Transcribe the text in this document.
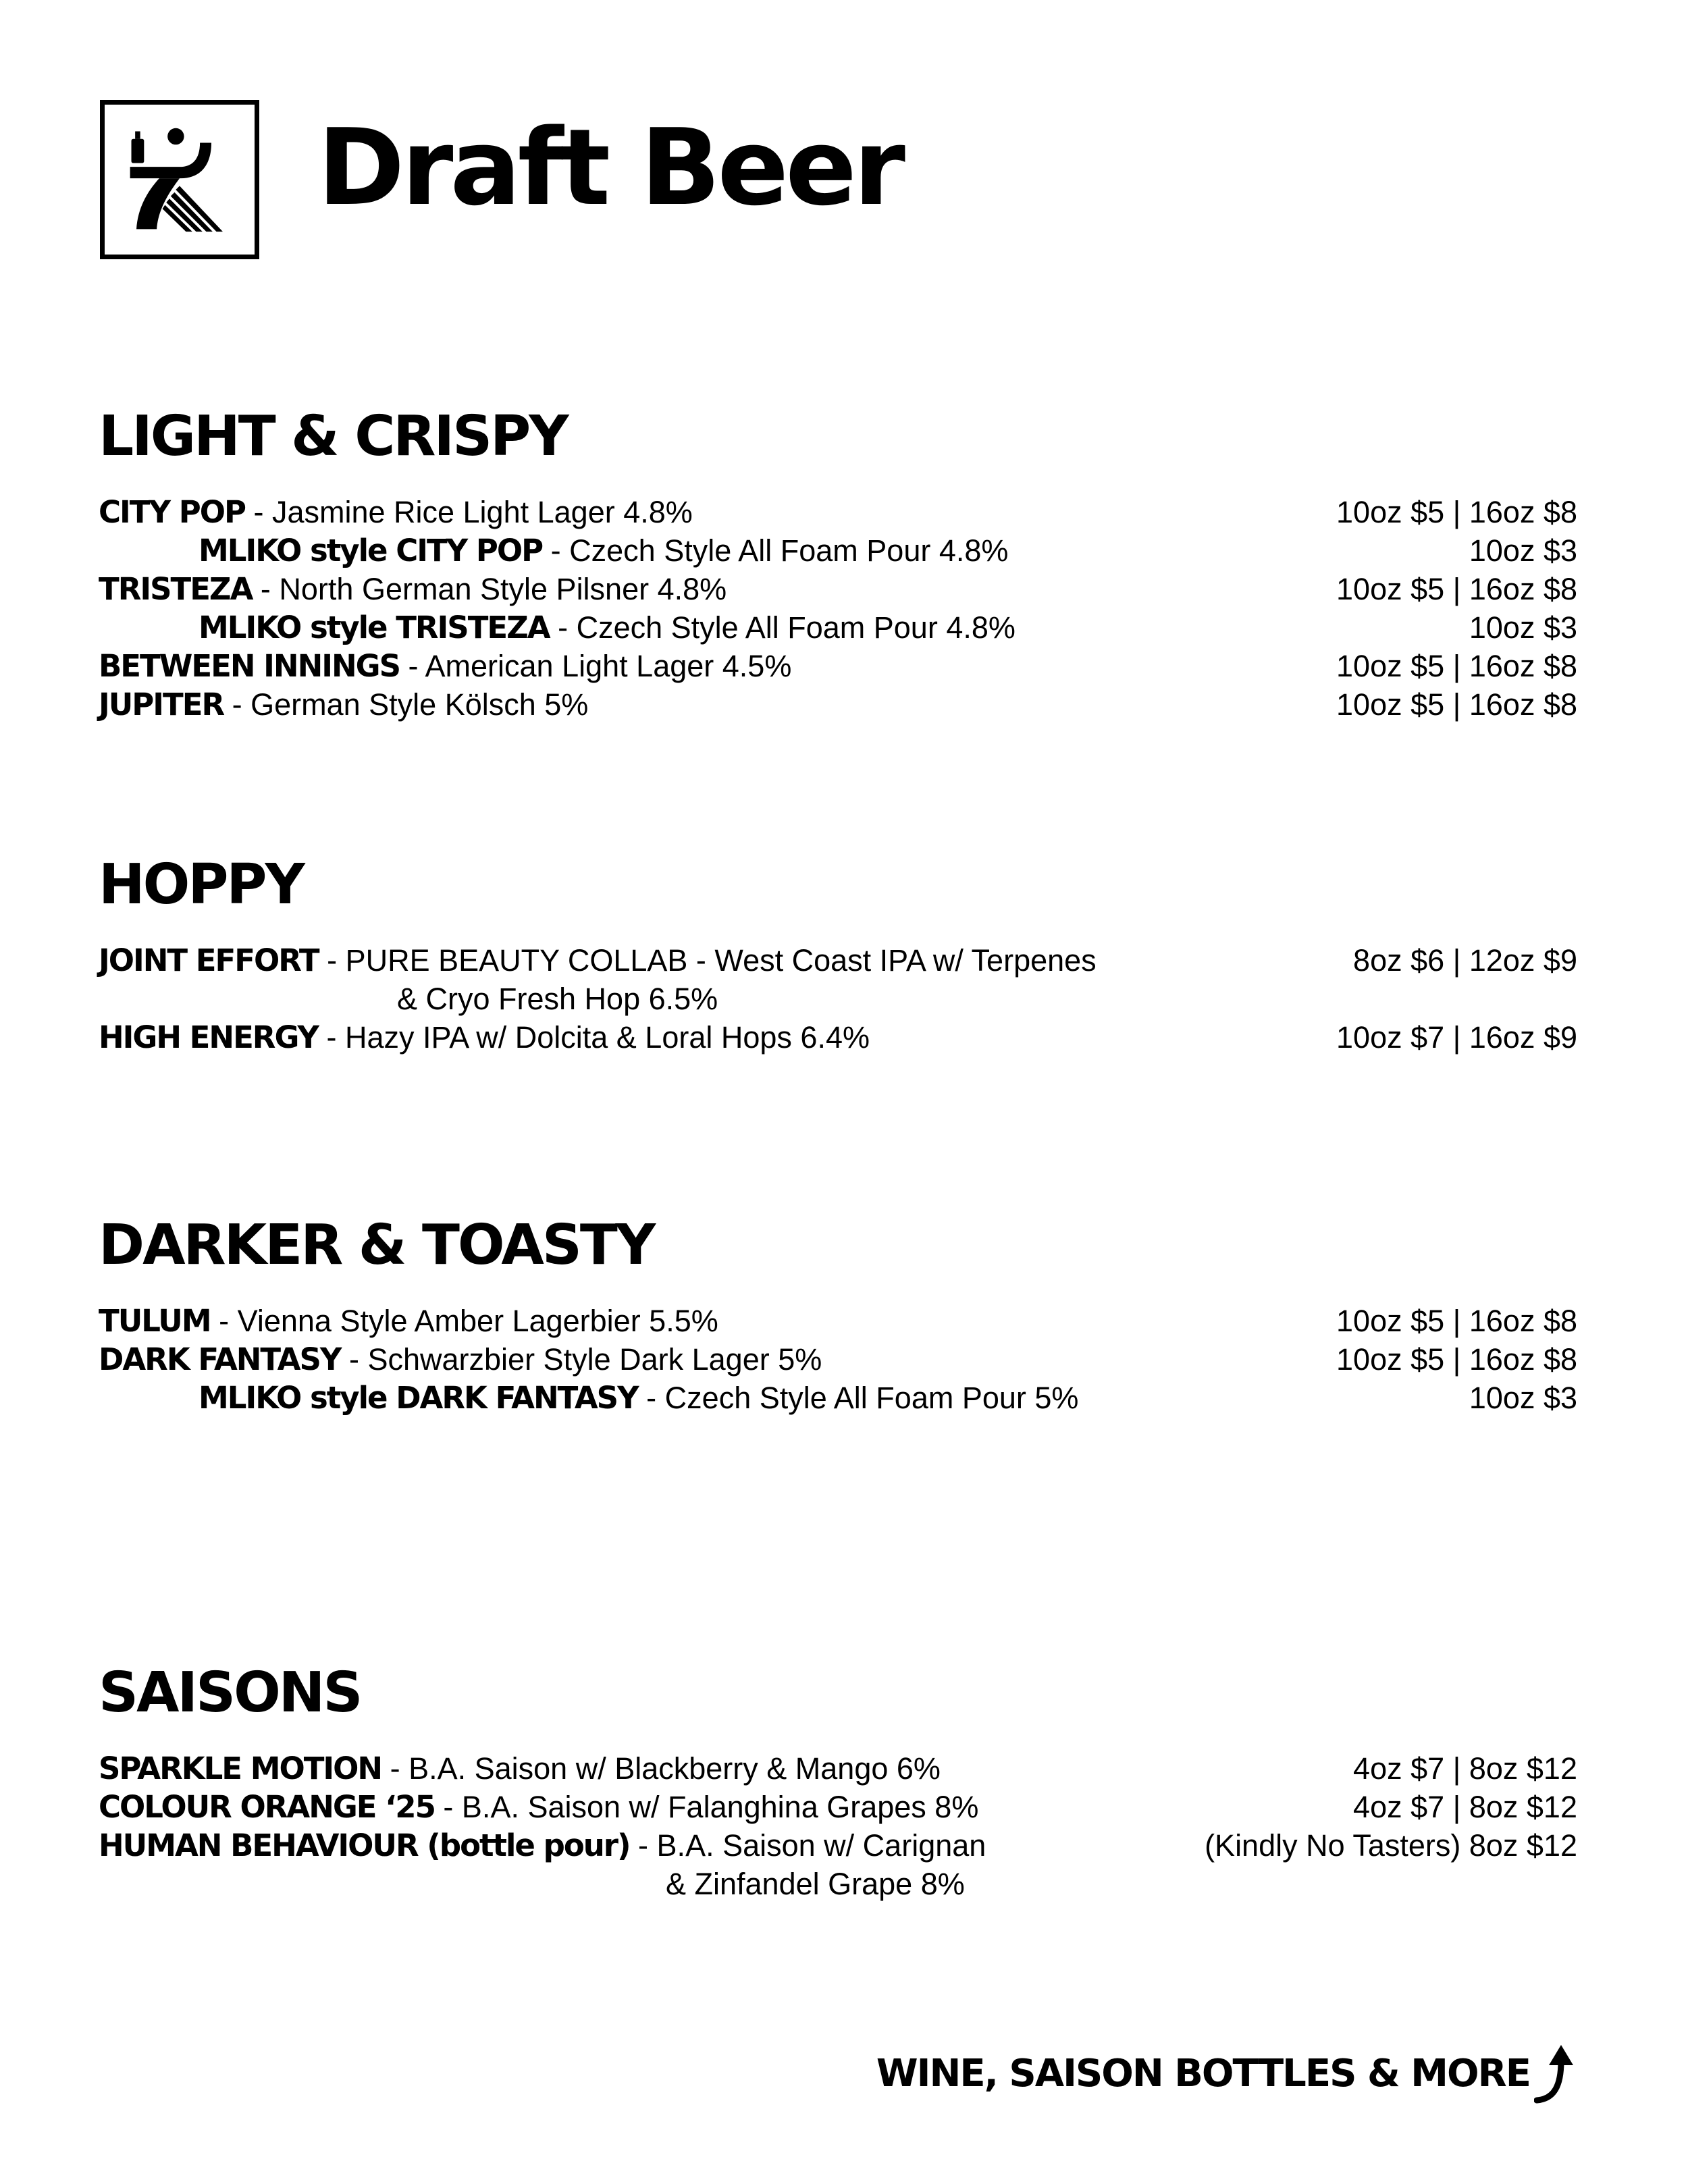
Draft Beer
LIGHT & CRISPY
CITY POP - Jasmine Rice Light Lager 4.8%	10oz $5 | 16oz $8
MLIKO style CITY POP - Czech Style All Foam Pour 4.8%	10oz $3
TRISTEZA - North German Style Pilsner 4.8%	10oz $5 | 16oz $8
MLIKO style TRISTEZA - Czech Style All Foam Pour 4.8%	10oz $3
BETWEEN INNINGS - American Light Lager 4.5%	10oz $5 | 16oz $8
JUPITER - German Style Kölsch 5%	10oz $5 | 16oz $8
HOPPY
JOINT EFFORT - PURE BEAUTY COLLAB - West Coast IPA w/ Terpenes
& Cryo Fresh Hop 6.5%
8oz $6 | 12oz $9
HIGH ENERGY - Hazy IPA w/ Dolcita & Loral Hops 6.4%	10oz $7 | 16oz $9
DARKER & TOASTY
TULUM - Vienna Style Amber Lagerbier 5.5%	10oz $5 | 16oz $8
DARK FANTASY - Schwarzbier Style Dark Lager 5%	10oz $5 | 16oz $8
MLIKO style DARK FANTASY - Czech Style All Foam Pour 5%	10oz $3
SAISONS
SPARKLE MOTION - B.A. Saison w/ Blackberry & Mango 6%	4oz $7 | 8oz $12
COLOUR ORANGE ‘25 - B.A. Saison w/ Falanghina Grapes 8%	4oz $7 | 8oz $12
HUMAN BEHAVIOUR (bottle pour) - B.A. Saison w/ Carignan
& Zinfandel Grape 8%
(Kindly No Tasters) 8oz $12
WINE, SAISON BOTTLES & MORE
